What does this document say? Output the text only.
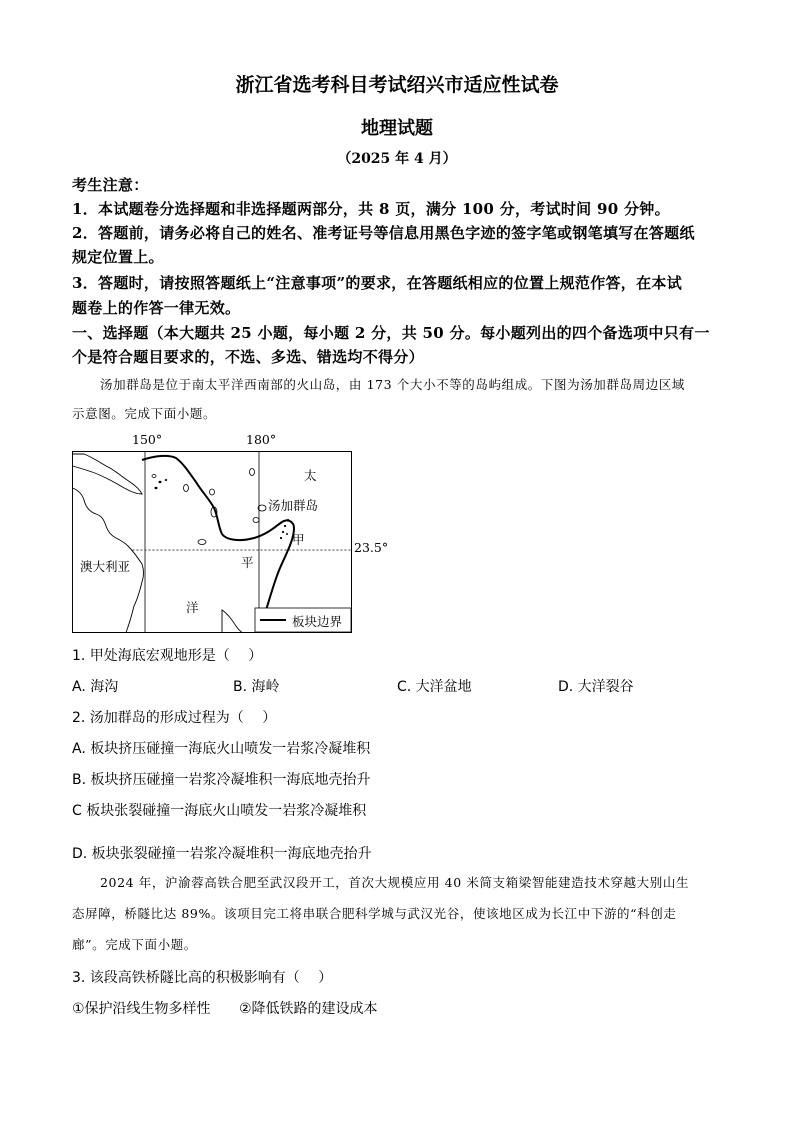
浙江省选考科目考试绍兴市适应性试卷
地理试题
（2025 年 4 月）
考生注意：
1．本试题卷分选择题和非选择题两部分，共 8 页，满分 100 分，考试时间 90 分钟。
2．答题前，请务必将自己的姓名、准考证号等信息用黑色字迹的签字笔或钢笔填写在答题纸
规定位置上。
3．答题时，请按照答题纸上“注意事项”的要求，在答题纸相应的位置上规范作答，在本试
题卷上的作答一律无效。
一、选择题（本大题共 25 小题，每小题 2 分，共 50 分。每小题列出的四个备选项中只有一
个是符合题目要求的，不选、多选、错选均不得分）
汤加群岛是位于南太平洋西南部的火山岛，由 173 个大小不等的岛屿组成。下图为汤加群岛周边区域
示意图。完成下面小题。
150°	180°
23.5°
澳大利亚
汤加群岛
甲
太
平
洋
板块边界
1. 甲处海底宏观地形是（　 ）
A. 海沟	B. 海岭	C. 大洋盆地	D. 大洋裂谷
2. 汤加群岛的形成过程为（　 ）
A. 板块挤压碰撞一海底火山喷发一岩浆冷凝堆积
B. 板块挤压碰撞一岩浆冷凝堆积一海底地壳抬升
C 板块张裂碰撞一海底火山喷发一岩浆冷凝堆积
D. 板块张裂碰撞一岩浆冷凝堆积一海底地壳抬升
2024 年，沪渝蓉高铁合肥至武汉段开工，首次大规模应用 40 米简支箱梁智能建造技术穿越大别山生
态屏障，桥隧比达 89%。该项目完工将串联合肥科学城与武汉光谷，使该地区成为长江中下游的“科创走
廊”。完成下面小题。
3. 该段高铁桥隧比高的积极影响有（　 ）
①保护沿线生物多样性 ②降低铁路的建设成本
